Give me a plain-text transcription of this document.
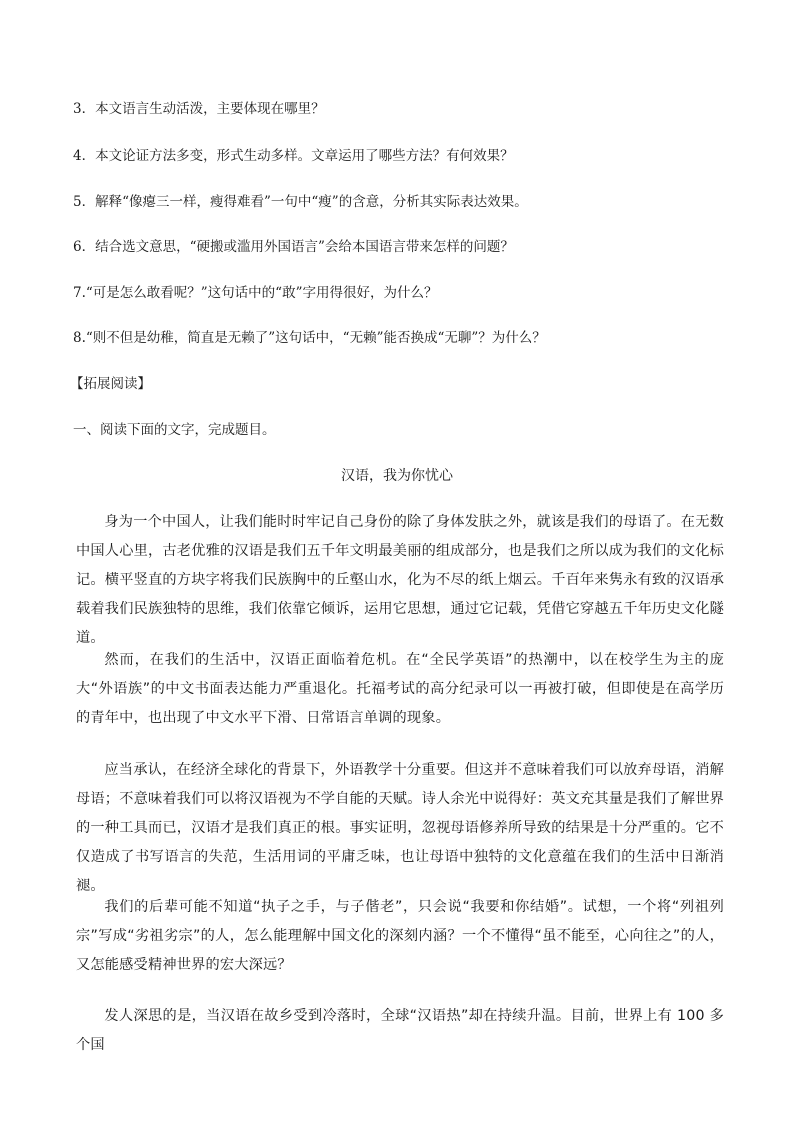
3．本文语言生动活泼，主要体现在哪里？
4．本文论证方法多变，形式生动多样。文章运用了哪些方法？有何效果？
5．解释“像瘪三一样，瘦得难看”一句中“瘦”的含意，分析其实际表达效果。
6．结合选文意思，“硬搬或滥用外国语言”会给本国语言带来怎样的问题？
7.“可是怎么敢看呢？”这句话中的“敢”字用得很好，为什么？
8.“则不但是幼稚，简直是无赖了”这句话中，“无赖”能否换成“无聊”？为什么？
【拓展阅读】
一、阅读下面的文字，完成题目。
汉语，我为你忧心
身为一个中国人，让我们能时时牢记自己身份的除了身体发肤之外，就该是我们的母语了。在无数中国人心里，古老优雅的汉语是我们五千年文明最美丽的组成部分，也是我们之所以成为我们的文化标记。横平竖直的方块字将我们民族胸中的丘壑山水，化为不尽的纸上烟云。千百年来隽永有致的汉语承载着我们民族独特的思维，我们依靠它倾诉，运用它思想，通过它记载，凭借它穿越五千年历史文化隧道。
然而，在我们的生活中，汉语正面临着危机。在“全民学英语”的热潮中，以在校学生为主的庞大“外语族”的中文书面表达能力严重退化。托福考试的高分纪录可以一再被打破，但即使是在高学历的青年中，也出现了中文水平下滑、日常语言单调的现象。
应当承认，在经济全球化的背景下，外语教学十分重要。但这并不意味着我们可以放弃母语，消解母语；不意味着我们可以将汉语视为不学自能的天赋。诗人余光中说得好：英文充其量是我们了解世界的一种工具而已，汉语才是我们真正的根。事实证明，忽视母语修养所导致的结果是十分严重的。它不仅造成了书写语言的失范，生活用词的平庸乏味，也让母语中独特的文化意蕴在我们的生活中日渐消褪。
我们的后辈可能不知道“执子之手，与子偕老”，只会说“我要和你结婚”。试想，一个将“列祖列宗”写成“劣祖劣宗”的人，怎么能理解中国文化的深刻内涵？一个不懂得“虽不能至，心向往之”的人，又怎能感受精神世界的宏大深远？
发人深思的是，当汉语在故乡受到冷落时，全球“汉语热”却在持续升温。目前，世界上有 100 多个国
